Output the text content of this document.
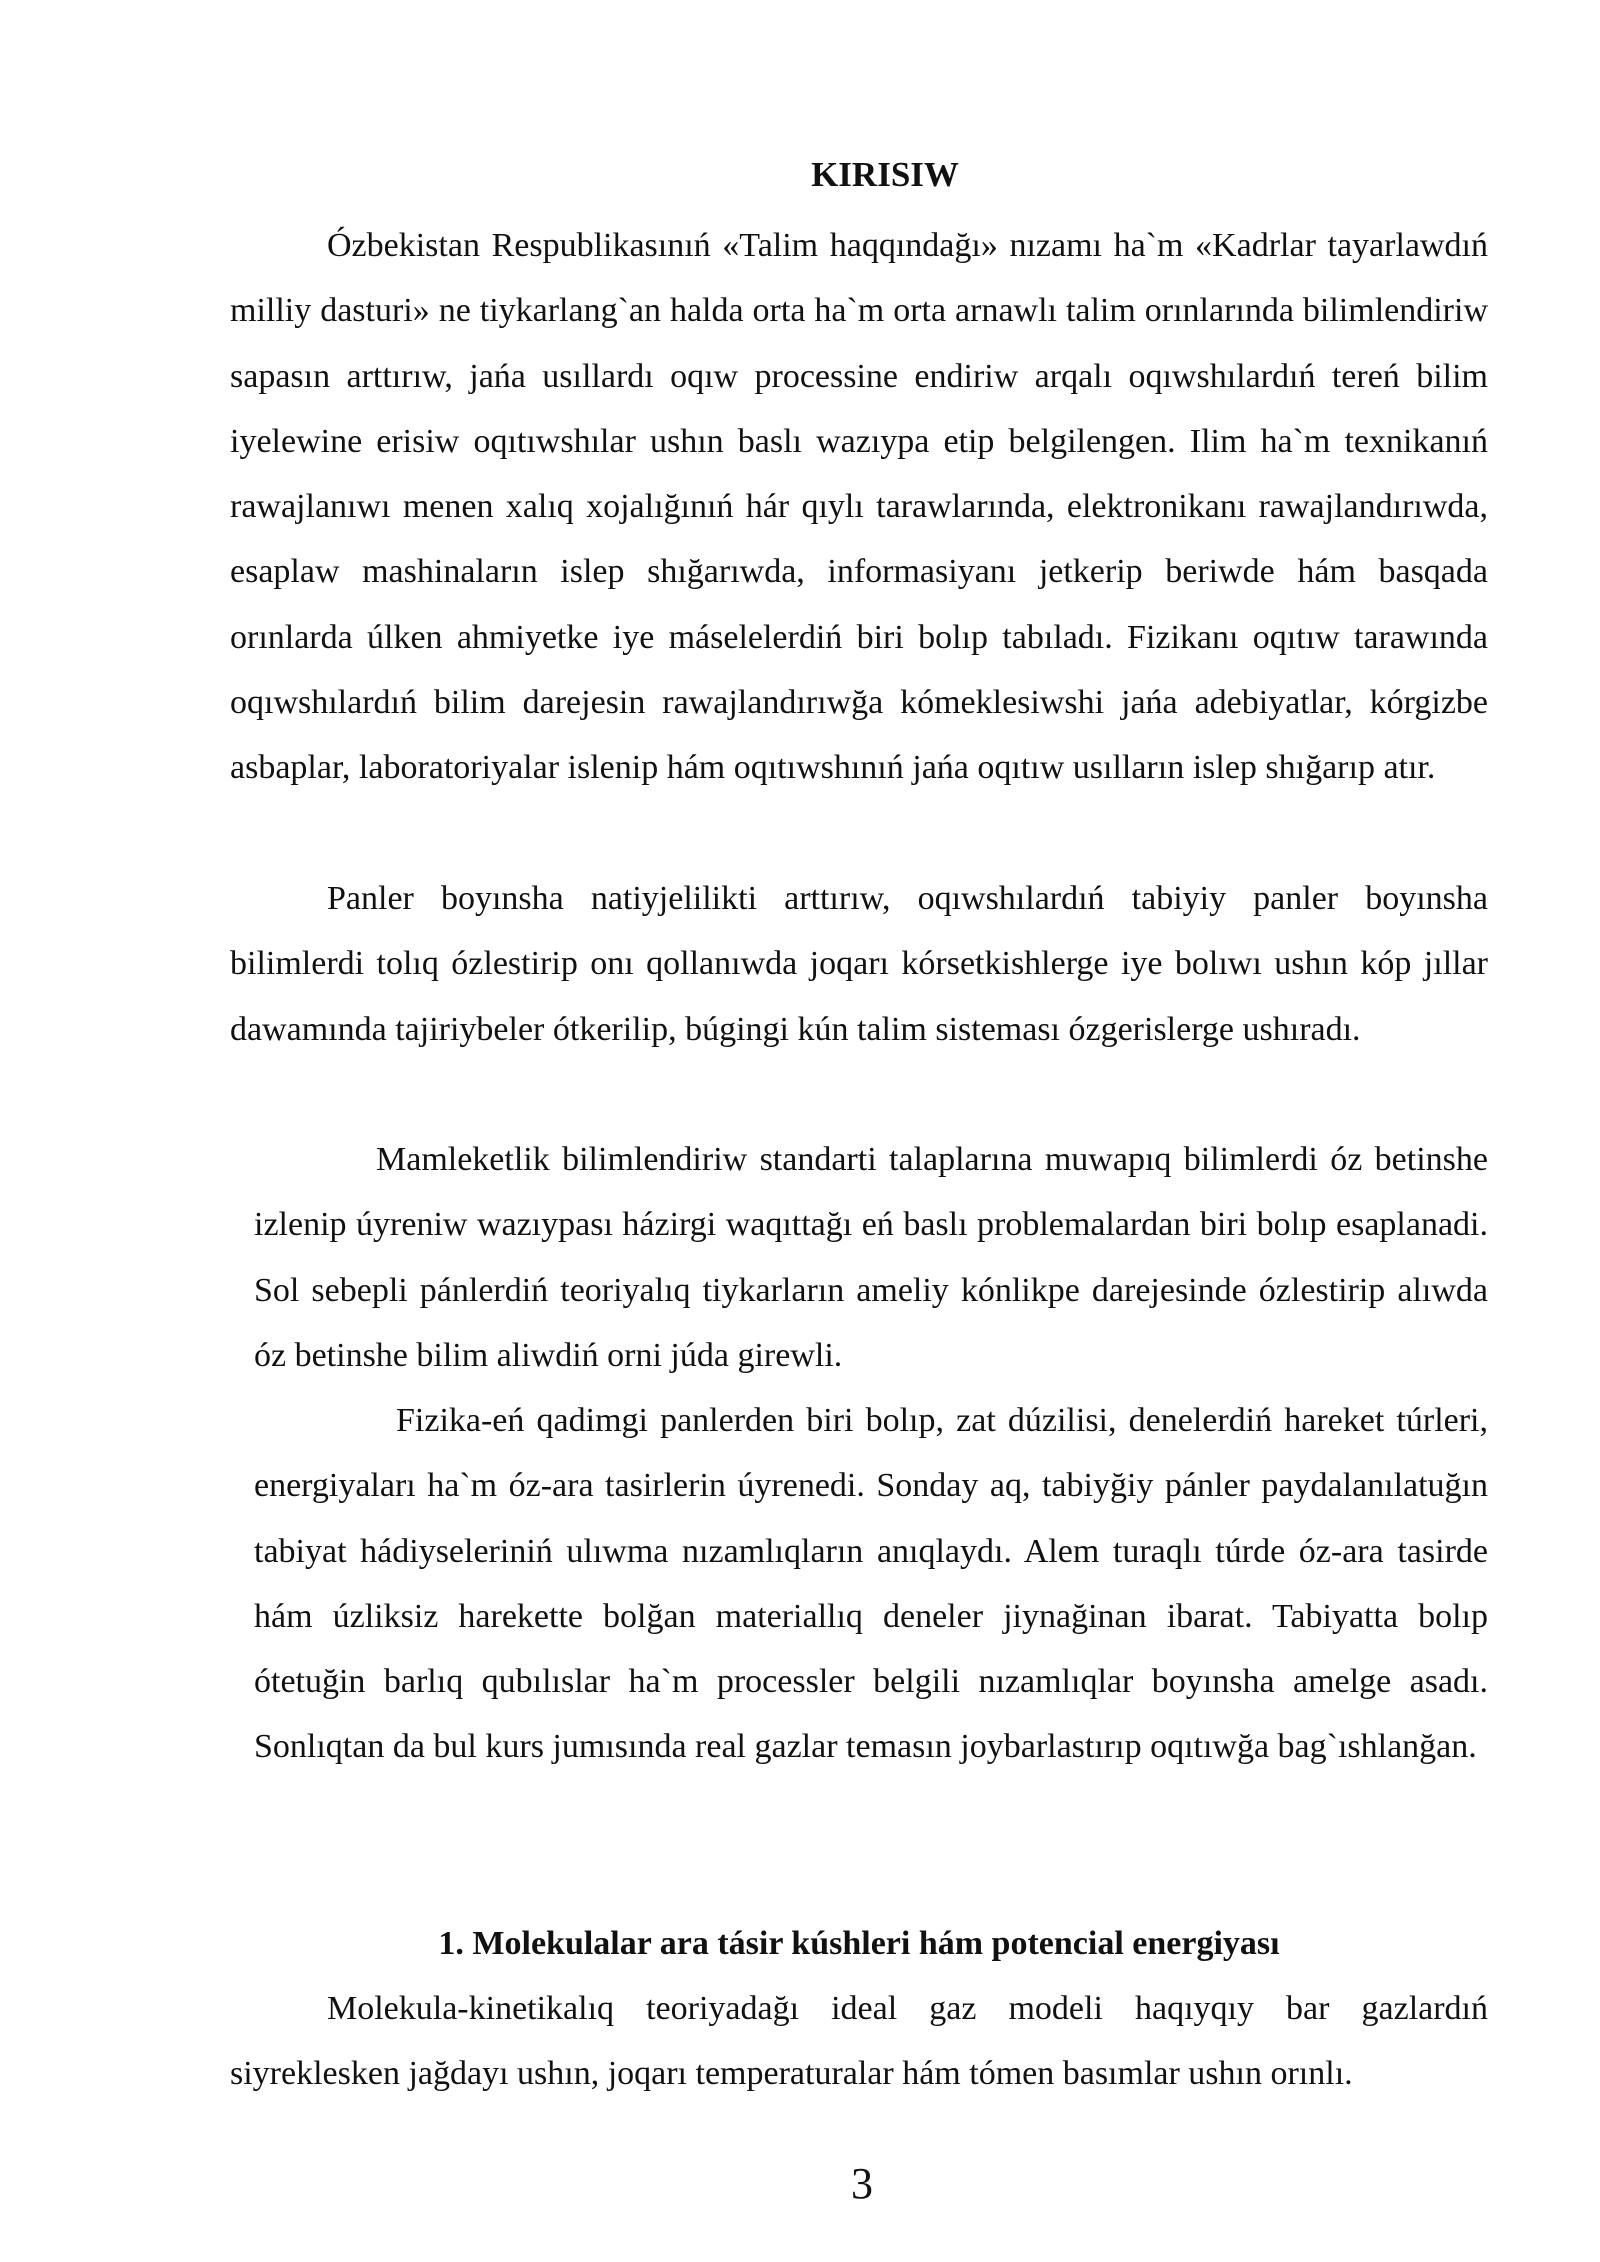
KIRISIW

Ózbekistan Respublikasınıń «Talim haqqındağı» nızamı ha`m «Kadrlar tayarlawdıń milliy dasturi» ne tiykarlang`an halda orta ha`m orta arnawlı talim orınlarında bilimlendiriw sapasın arttırıw, jańa usıllardı oqıw processine endiriw arqalı oqıwshılardıń tereń bilim iyelewine erisiw oqıtıwshılar ushın baslı wazıypa etip belgilengen. Ilim ha`m texnikanıń rawajlanıwı menen xalıq xojalığınıń hár qıylı tarawlarında, elektronikanı rawajlandırıwda, esaplaw mashinaların islep shığarıwda, informasiyanı jetkerip beriwde hám basqada orınlarda úlken ahmiyetke iye máselelerdiń biri bolıp tabıladı. Fizikanı oqıtıw tarawında oqıwshılardıń bilim darejesin rawajlandırıwğa kómeklesiwshi jańa adebiyatlar, kórgizbe asbaplar, laboratoriyalar islenip hám oqıtıwshınıń jańa oqıtıw usılların islep shığarıp atır.

Panler boyınsha natiyjelilikti arttırıw, oqıwshılardıń tabiyiy panler boyınsha bilimlerdi tolıq ózlestirip onı qollanıwda joqarı kórsetkishlerge iye bolıwı ushın kóp jıllar dawamında tajiriybeler ótkerilip, búgingi kún talim sisteması ózgerislerge ushıradı.

Mamleketlik bilimlendiriw standarti talaplarına muwapıq bilimlerdi óz betinshe izlenip úyreniw wazıypası házirgi waqıttağı eń baslı problemalardan biri bolıp esaplanadi. Sol sebepli pánlerdiń teoriyalıq tiykarların ameliy kónlikpe darejesinde ózlestirip alıwda óz betinshe bilim aliwdiń orni júda girewli.

Fizika-eń qadimgi panlerden biri bolıp, zat dúzilisi, denelerdiń hareket túrleri, energiyaları ha`m óz-ara tasirlerin úyrenedi. Sonday aq, tabiyğiy pánler paydalanılatuğın tabiyat hádiyseleriniń ulıwma nızamlıqların anıqlaydı. Alem turaqlı túrde óz-ara tasirde hám úzliksiz harekette bolğan materiallıq deneler jiynağinan ibarat. Tabiyatta bolıp ótetuğin barlıq qubılıslar ha`m processler belgili nızamlıqlar boyınsha amelge asadı. Sonlıqtan da bul kurs jumısında real gazlar temasın joybarlastırıp oqıtıwğa bag`ıshlanğan.

1. Molekulalar ara tásir kúshleri hám potencial energiyası

Molekula-kinetikalıq teoriyadağı ideal gaz modeli haqıyqıy bar gazlardıń siyreklesken jağdayı ushın, joqarı temperaturalar hám tómen basımlar ushın orınlı.

3
